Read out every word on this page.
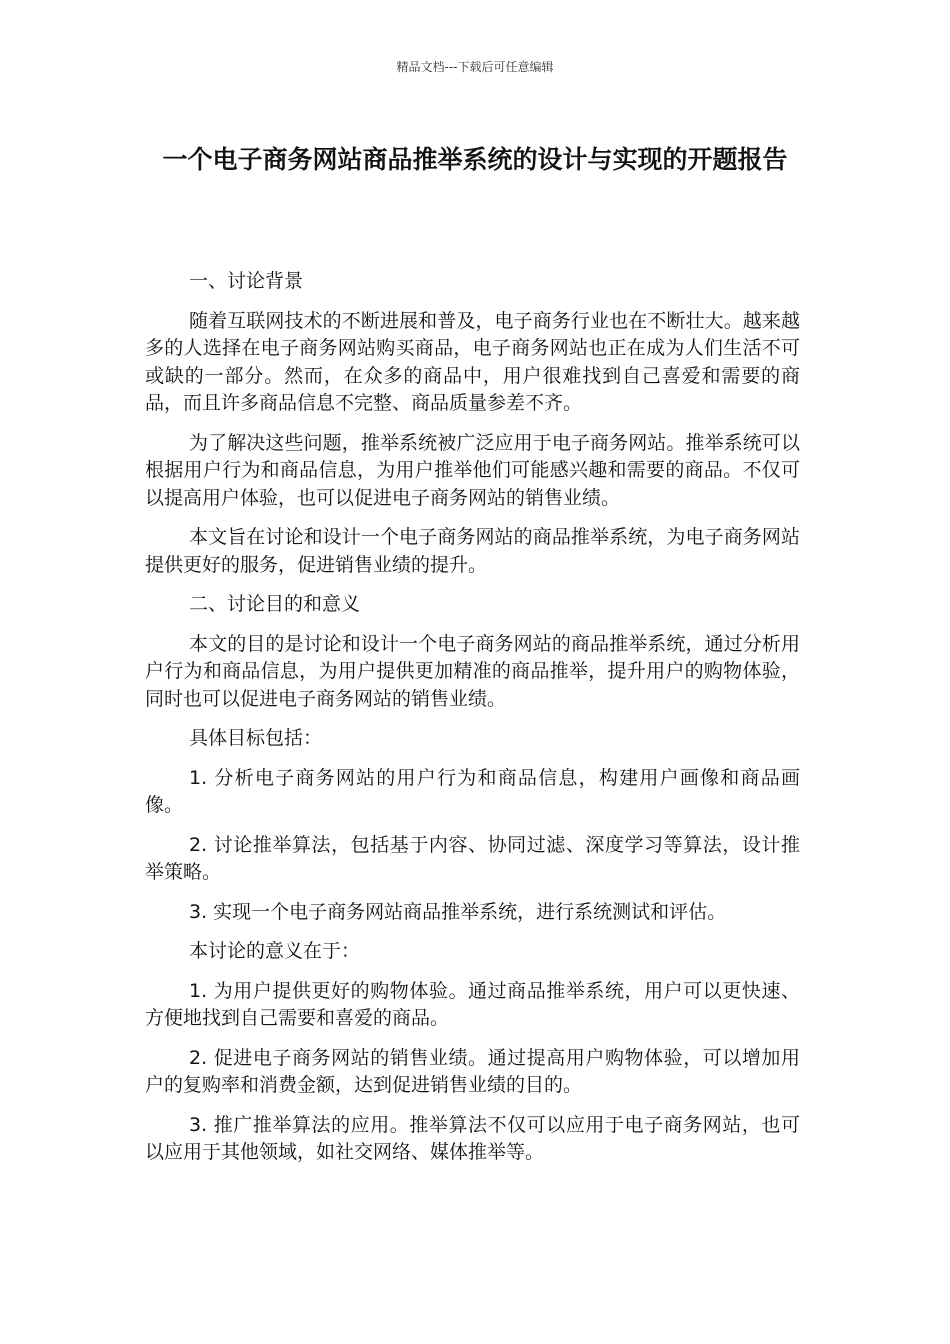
精品文档---下载后可任意编辑
一个电子商务网站商品推举系统的设计与实现的开题报告

一、讨论背景

随着互联网技术的不断进展和普及，电子商务行业也在不断壮大。越来越多的人选择在电子商务网站购买商品，电子商务网站也正在成为人们生活不可或缺的一部分。然而，在众多的商品中，用户很难找到自己喜爱和需要的商品，而且许多商品信息不完整、商品质量参差不齐。

为了解决这些问题，推举系统被广泛应用于电子商务网站。推举系统可以根据用户行为和商品信息，为用户推举他们可能感兴趣和需要的商品。不仅可以提高用户体验，也可以促进电子商务网站的销售业绩。

本文旨在讨论和设计一个电子商务网站的商品推举系统，为电子商务网站提供更好的服务，促进销售业绩的提升。

二、讨论目的和意义

本文的目的是讨论和设计一个电子商务网站的商品推举系统，通过分析用户行为和商品信息，为用户提供更加精准的商品推举，提升用户的购物体验，同时也可以促进电子商务网站的销售业绩。

具体目标包括：

1. 分析电子商务网站的用户行为和商品信息，构建用户画像和商品画像。

2. 讨论推举算法，包括基于内容、协同过滤、深度学习等算法，设计推举策略。

3. 实现一个电子商务网站商品推举系统，进行系统测试和评估。

本讨论的意义在于：

1. 为用户提供更好的购物体验。通过商品推举系统，用户可以更快速、方便地找到自己需要和喜爱的商品。

2. 促进电子商务网站的销售业绩。通过提高用户购物体验，可以增加用户的复购率和消费金额，达到促进销售业绩的目的。

3. 推广推举算法的应用。推举算法不仅可以应用于电子商务网站，也可以应用于其他领域，如社交网络、媒体推举等。
